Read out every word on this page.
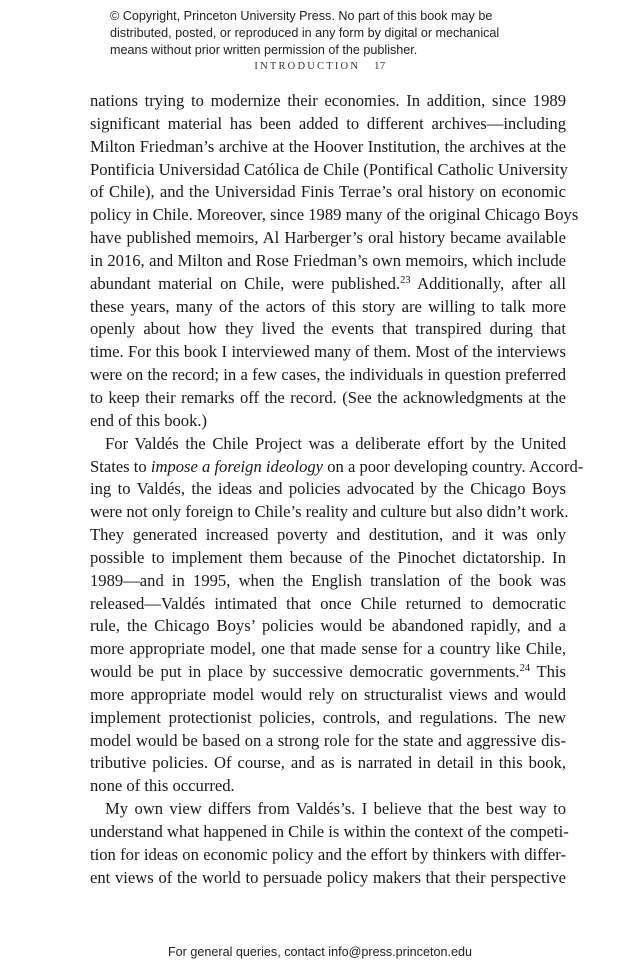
© Copyright, Princeton University Press. No part of this book may be
distributed, posted, or reproduced in any form by digital or mechanical
means without prior written permission of the publisher.
INTRODUCTION 17
nations trying to modernize their economies. In addition, since 1989
significant material has been added to different archives—including
Milton Friedman’s archive at the Hoover Institution, the archives at the
Pontificia Universidad Católica de Chile (Pontifical Catholic University
of Chile), and the Universidad Finis Terrae’s oral history on economic
policy in Chile. Moreover, since 1989 many of the original Chicago Boys
have published memoirs, Al Harberger’s oral history became available
in 2016, and Milton and Rose Friedman’s own memoirs, which include
abundant material on Chile, were published.$^{23}$ Additionally, after all
these years, many of the actors of this story are willing to talk more
openly about how they lived the events that transpired during that
time. For this book I interviewed many of them. Most of the interviews
were on the record; in a few cases, the individuals in question preferred
to keep their remarks off the record. (See the acknowledgments at the
end of this book.)
For Valdés the Chile Project was a deliberate effort by the United
States to impose a foreign ideology on a poor developing country. Accord-
ing to Valdés, the ideas and policies advocated by the Chicago Boys
were not only foreign to Chile’s reality and culture but also didn’t work.
They generated increased poverty and destitution, and it was only
possible to implement them because of the Pinochet dictatorship. In
1989—and in 1995, when the English translation of the book was
released—Valdés intimated that once Chile returned to democratic
rule, the Chicago Boys’ policies would be abandoned rapidly, and a
more appropriate model, one that made sense for a country like Chile,
would be put in place by successive democratic governments.$^{24}$ This
more appropriate model would rely on structuralist views and would
implement protectionist policies, controls, and regulations. The new
model would be based on a strong role for the state and aggressive dis-
tributive policies. Of course, and as is narrated in detail in this book,
none of this occurred.
My own view differs from Valdés’s. I believe that the best way to
understand what happened in Chile is within the context of the competi-
tion for ideas on economic policy and the effort by thinkers with differ-
ent views of the world to persuade policy makers that their perspective
For general queries, contact info@press.princeton.edu
